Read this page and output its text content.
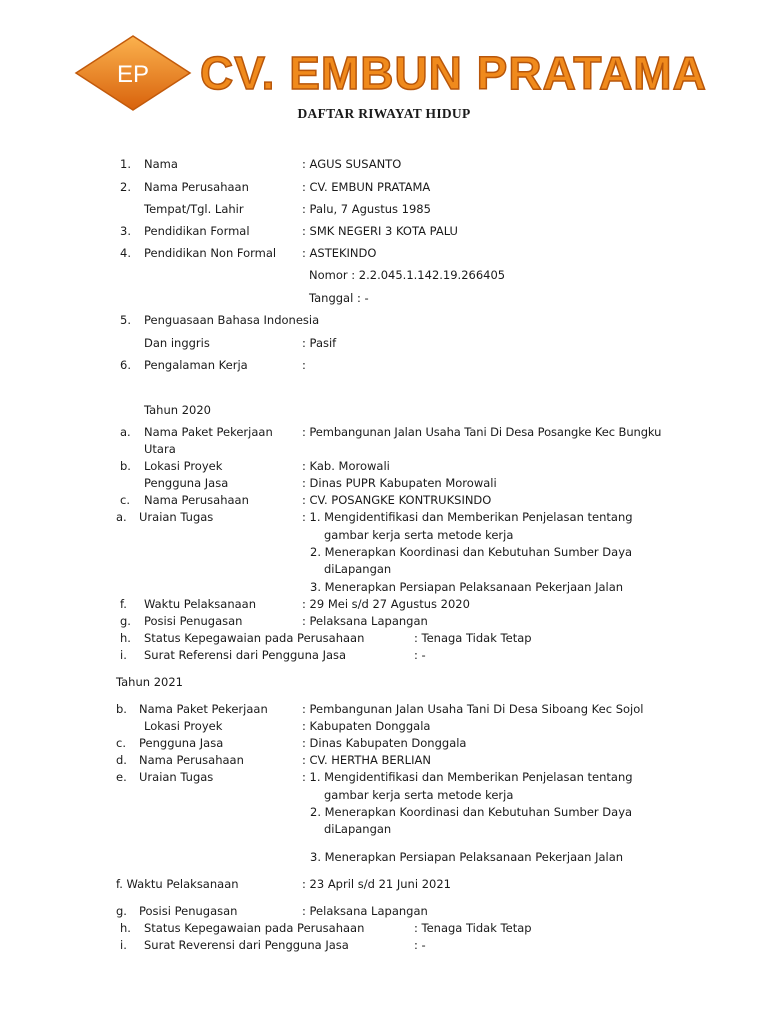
EP CV. EMBUN PRATAMA
DAFTAR RIWAYAT HIDUP
1. Nama	: AGUS SUSANTO
2. Nama Perusahaan	: CV. EMBUN PRATAMA
Tempat/Tgl. Lahir	: Palu, 7 Agustus 1985
3. Pendidikan Formal	: SMK NEGERI 3 KOTA PALU
4. Pendidikan Non Formal : ASTEKINDO
Nomor : 2.2.045.1.142.19.266405
Tanggal : -
5. Penguasaan Bahasa Indonesia
Dan inggris	: Pasif
6. Pengalaman Kerja	:
Tahun 2020
a. Nama Paket Pekerjaan	: Pembangunan Jalan Usaha Tani Di Desa Posangke Kec Bungku
Utara
b. Lokasi Proyek	: Kab. Morowali
Pengguna Jasa	: Dinas PUPR Kabupaten Morowali
c. Nama Perusahaan	: CV. POSANGKE KONTRUKSINDO
a. Uraian Tugas	: 1. Mengidentifikasi dan Memberikan Penjelasan tentang
gambar kerja serta metode kerja
2. Menerapkan Koordinasi dan Kebutuhan Sumber Daya
diLapangan
3. Menerapkan Persiapan Pelaksanaan Pekerjaan Jalan
f. Waktu Pelaksanaan	: 29 Mei s/d 27 Agustus 2020
g. Posisi Penugasan	: Pelaksana Lapangan
h. Status Kepegawaian pada Perusahaan	: Tenaga Tidak Tetap
i. Surat Referensi dari Pengguna Jasa	: -
Tahun 2021
b. Nama Paket Pekerjaan	: Pembangunan Jalan Usaha Tani Di Desa Siboang Kec Sojol
Lokasi Proyek	: Kabupaten Donggala
c. Pengguna Jasa	: Dinas Kabupaten Donggala
d. Nama Perusahaan	: CV. HERTHA BERLIAN
e. Uraian Tugas	: 1. Mengidentifikasi dan Memberikan Penjelasan tentang
gambar kerja serta metode kerja
2. Menerapkan Koordinasi dan Kebutuhan Sumber Daya
diLapangan
3. Menerapkan Persiapan Pelaksanaan Pekerjaan Jalan
f. Waktu Pelaksanaan	: 23 April s/d 21 Juni 2021
g. Posisi Penugasan	: Pelaksana Lapangan
h. Status Kepegawaian pada Perusahaan	: Tenaga Tidak Tetap
i. Surat Reverensi dari Pengguna Jasa	: -
